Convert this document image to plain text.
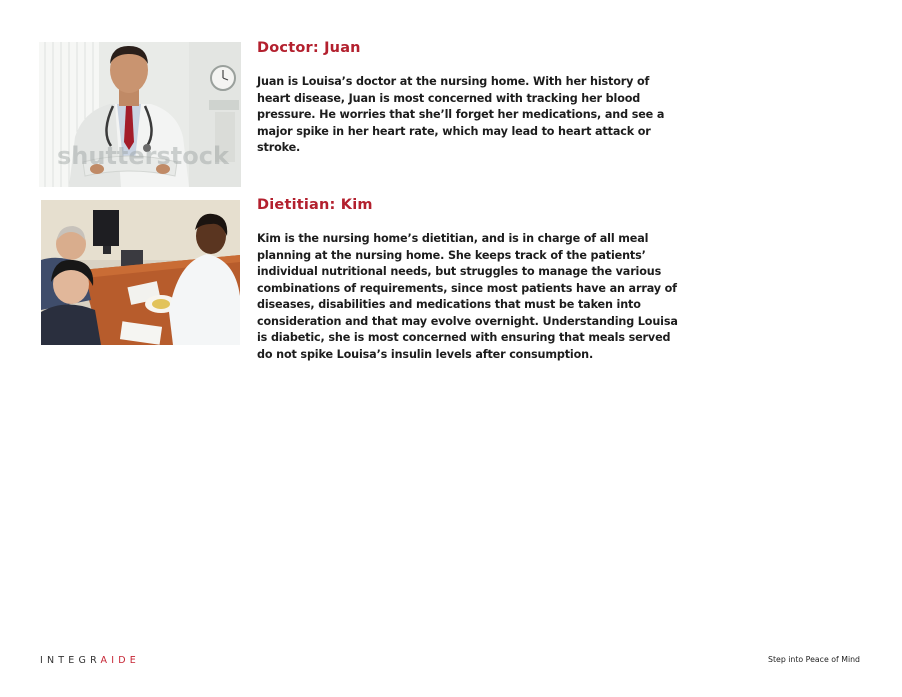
shutterstock
Doctor: Juan

Juan is Louisa’s doctor at the nursing home. With her history of heart disease, Juan is most concerned with tracking her blood pressure. He worries that she’ll forget her medications, and see a major spike in her heart rate, which may lead to heart attack or stroke.

Dietitian: Kim

Kim is the nursing home’s dietitian, and is in charge of all meal planning at the nursing home. She keeps track of the patients’ individual nutritional needs, but struggles to manage the various combinations of requirements, since most patients have an array of diseases, disabilities and medications that must be taken into consideration and that may evolve overnight. Understanding Louisa is diabetic, she is most concerned with ensuring that meals served do not spike Louisa’s insulin levels after consumption.

INTEGRAIDE	Step into Peace of Mind
